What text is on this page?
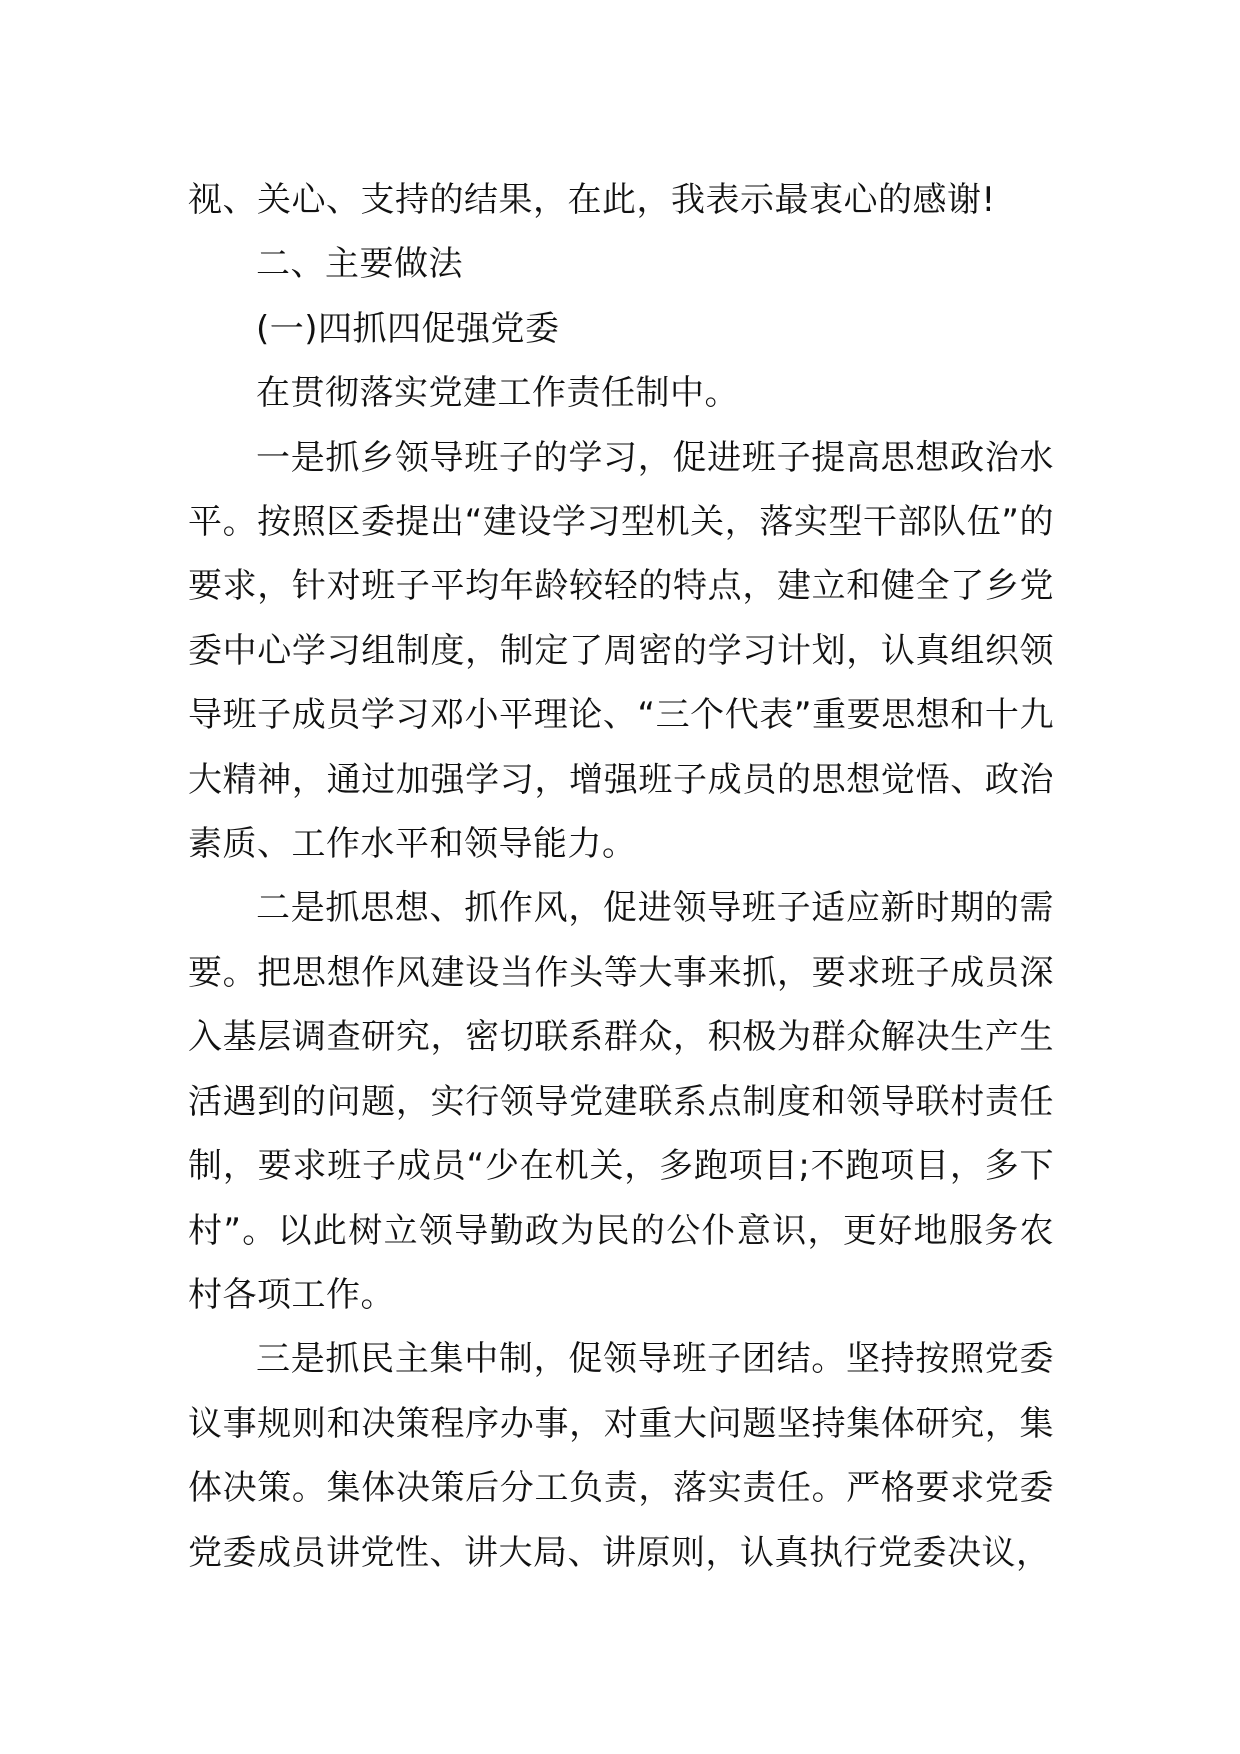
视、关心、支持的结果，在此，我表示最衷心的感谢!

二、主要做法

(一)四抓四促强党委

在贯彻落实党建工作责任制中。

一是抓乡领导班子的学习，促进班子提高思想政治水平。按照区委提出“建设学习型机关，落实型干部队伍”的要求，针对班子平均年龄较轻的特点，建立和健全了乡党委中心学习组制度，制定了周密的学习计划，认真组织领导班子成员学习邓小平理论、“三个代表”重要思想和十九大精神，通过加强学习，增强班子成员的思想觉悟、政治素质、工作水平和领导能力。

二是抓思想、抓作风，促进领导班子适应新时期的需要。把思想作风建设当作头等大事来抓，要求班子成员深入基层调查研究，密切联系群众，积极为群众解决生产生活遇到的问题，实行领导党建联系点制度和领导联村责任制，要求班子成员“少在机关，多跑项目;不跑项目，多下村”。以此树立领导勤政为民的公仆意识，更好地服务农村各项工作。

三是抓民主集中制，促领导班子团结。坚持按照党委议事规则和决策程序办事，对重大问题坚持集体研究，集体决策。集体决策后分工负责，落实责任。严格要求党委党委成员讲党性、讲大局、讲原则，认真执行党委决议，
